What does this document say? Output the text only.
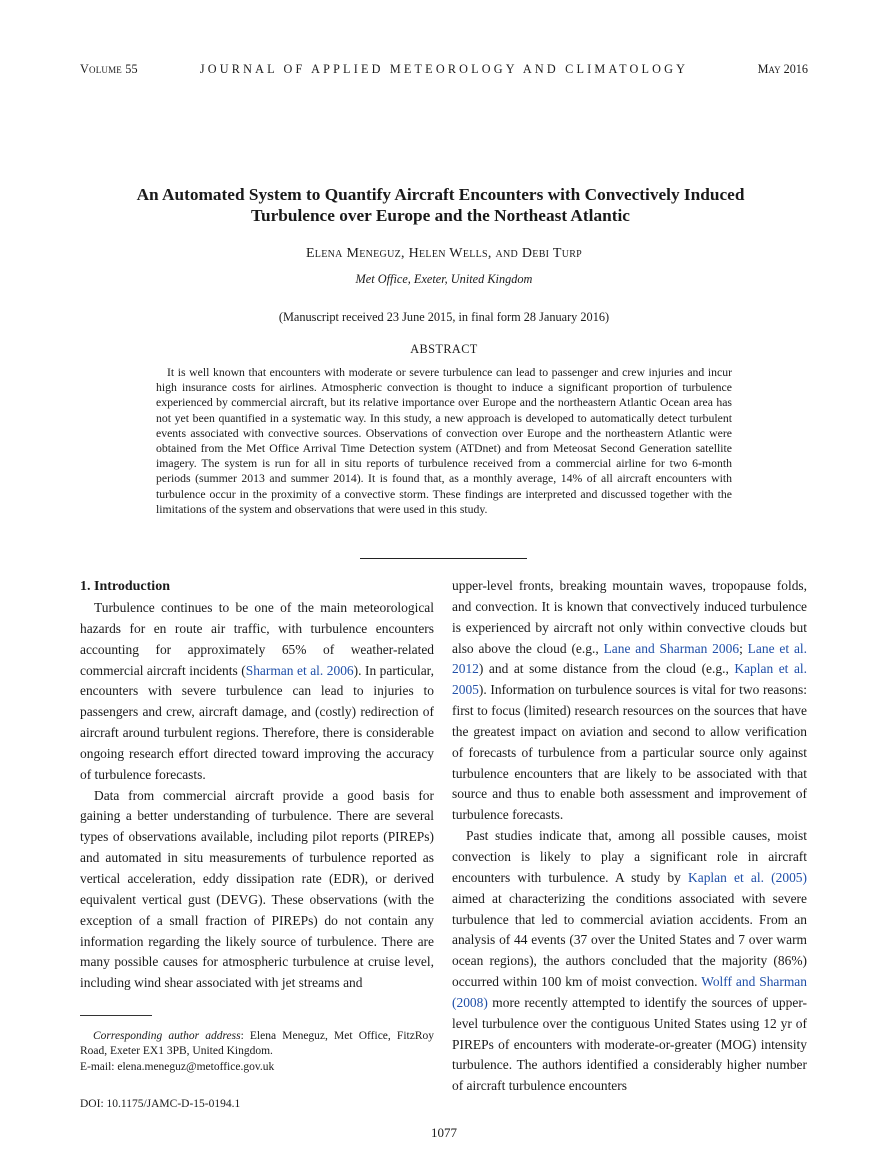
Volume 55	JOURNAL OF APPLIED METEOROLOGY AND CLIMATOLOGY	May 2016
An Automated System to Quantify Aircraft Encounters with Convectively Induced Turbulence over Europe and the Northeast Atlantic
Elena Meneguz, Helen Wells, and Debi Turp
Met Office, Exeter, United Kingdom
(Manuscript received 23 June 2015, in final form 28 January 2016)
ABSTRACT
It is well known that encounters with moderate or severe turbulence can lead to passenger and crew injuries and incur high insurance costs for airlines. Atmospheric convection is thought to induce a significant proportion of turbulence experienced by commercial aircraft, but its relative importance over Europe and the northeastern Atlantic Ocean area has not yet been quantified in a systematic way. In this study, a new approach is developed to automatically detect turbulent events associated with convective sources. Observations of convection over Europe and the northeastern Atlantic were obtained from the Met Office Arrival Time Detection system (ATDnet) and from Meteosat Second Generation satellite imagery. The system is run for all in situ reports of turbulence received from a commercial airline for two 6-month periods (summer 2013 and summer 2014). It is found that, as a monthly average, 14% of all aircraft encounters with turbulence occur in the proximity of a convective storm. These findings are interpreted and discussed together with the limitations of the system and observations that were used in this study.
1. Introduction

Turbulence continues to be one of the main meteorological hazards for en route air traffic, with turbulence encounters accounting for approximately 65% of weather-related commercial aircraft incidents (Sharman et al. 2006). In particular, encounters with severe turbulence can lead to injuries to passengers and crew, aircraft damage, and (costly) redirection of aircraft around turbulent regions. Therefore, there is considerable ongoing research effort directed toward improving the accuracy of turbulence forecasts.

Data from commercial aircraft provide a good basis for gaining a better understanding of turbulence. There are several types of observations available, including pilot reports (PIREPs) and automated in situ measurements of turbulence reported as vertical acceleration, eddy dissipation rate (EDR), or derived equivalent vertical gust (DEVG). These observations (with the exception of a small fraction of PIREPs) do not contain any information regarding the likely source of turbulence. There are many possible causes for atmospheric turbulence at cruise level, including wind shear associated with jet streams and

upper-level fronts, breaking mountain waves, tropopause folds, and convection. It is known that convectively induced turbulence is experienced by aircraft not only within convective clouds but also above the cloud (e.g., Lane and Sharman 2006; Lane et al. 2012) and at some distance from the cloud (e.g., Kaplan et al. 2005). Information on turbulence sources is vital for two reasons: first to focus (limited) research resources on the sources that have the greatest impact on aviation and second to allow verification of forecasts of turbulence from a particular source only against turbulence encounters that are likely to be associated with that source and thus to enable both assessment and improvement of turbulence forecasts.

Past studies indicate that, among all possible causes, moist convection is likely to play a significant role in aircraft encounters with turbulence. A study by Kaplan et al. (2005) aimed at characterizing the conditions associated with severe turbulence that led to commercial aviation accidents. From an analysis of 44 events (37 over the United States and 7 over warm ocean regions), the authors concluded that the majority (86%) occurred within 100 km of moist convection. Wolff and Sharman (2008) more recently attempted to identify the sources of upper-level turbulence over the contiguous United States using 12 yr of PIREPs of encounters with moderate-or-greater (MOG) intensity turbulence. The authors identified a considerably higher number of aircraft turbulence encounters

Corresponding author address: Elena Meneguz, Met Office, FitzRoy Road, Exeter EX1 3PB, United Kingdom.
E-mail: elena.meneguz@metoffice.gov.uk
DOI: 10.1175/JAMC-D-15-0194.1
1077
